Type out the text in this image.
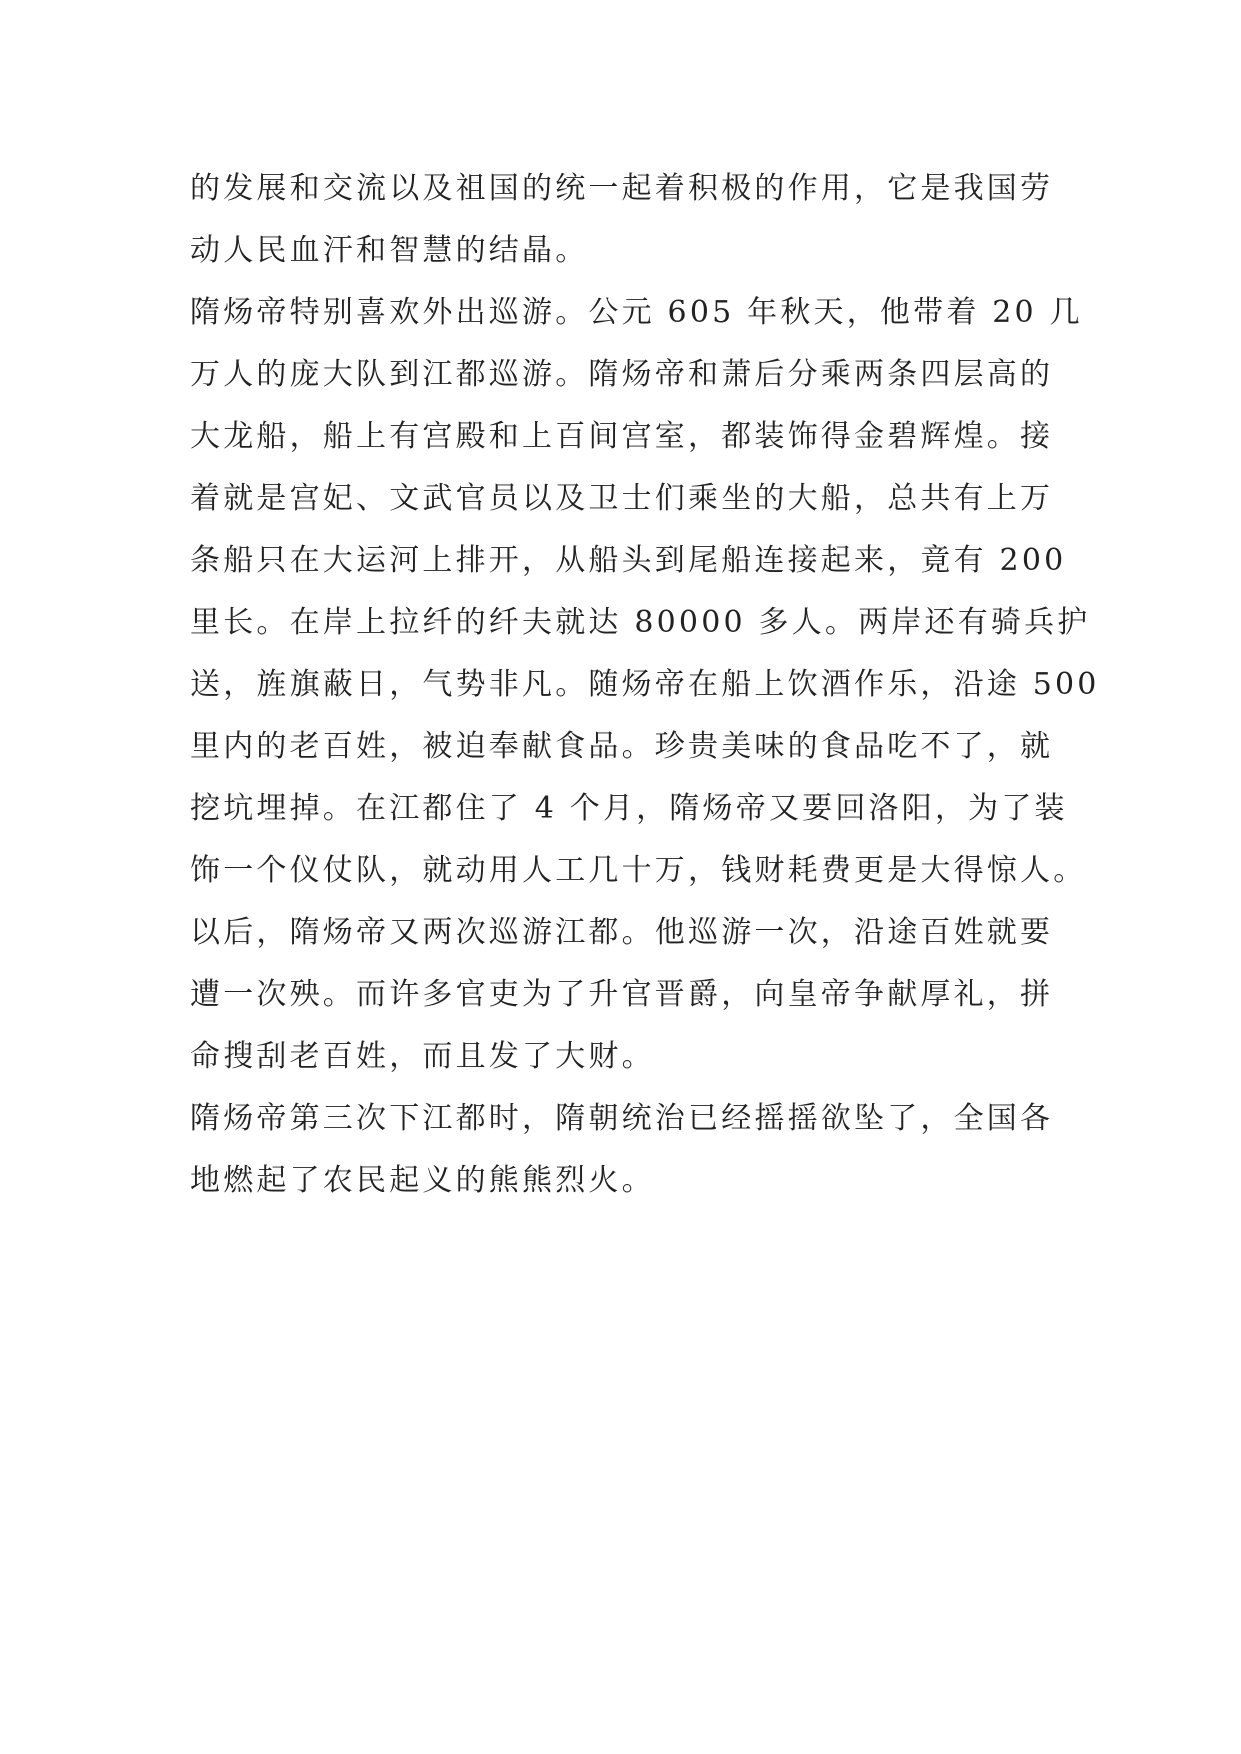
的发展和交流以及祖国的统一起着积极的作用，它是我国劳
动人民血汗和智慧的结晶。
隋炀帝特别喜欢外出巡游。公元 605 年秋天，他带着 20 几
万人的庞大队到江都巡游。隋炀帝和萧后分乘两条四层高的
大龙船，船上有宫殿和上百间宫室，都装饰得金碧辉煌。接
着就是宫妃、文武官员以及卫士们乘坐的大船，总共有上万
条船只在大运河上排开，从船头到尾船连接起来，竟有 200
里长。在岸上拉纤的纤夫就达 80000 多人。两岸还有骑兵护
送，旌旗蔽日，气势非凡。随炀帝在船上饮酒作乐，沿途 500
里内的老百姓，被迫奉献食品。珍贵美味的食品吃不了，就
挖坑埋掉。在江都住了 4 个月，隋炀帝又要回洛阳，为了装
饰一个仪仗队，就动用人工几十万，钱财耗费更是大得惊人。
以后，隋炀帝又两次巡游江都。他巡游一次，沿途百姓就要
遭一次殃。而许多官吏为了升官晋爵，向皇帝争献厚礼，拼
命搜刮老百姓，而且发了大财。
隋炀帝第三次下江都时，隋朝统治已经摇摇欲坠了，全国各
地燃起了农民起义的熊熊烈火。
